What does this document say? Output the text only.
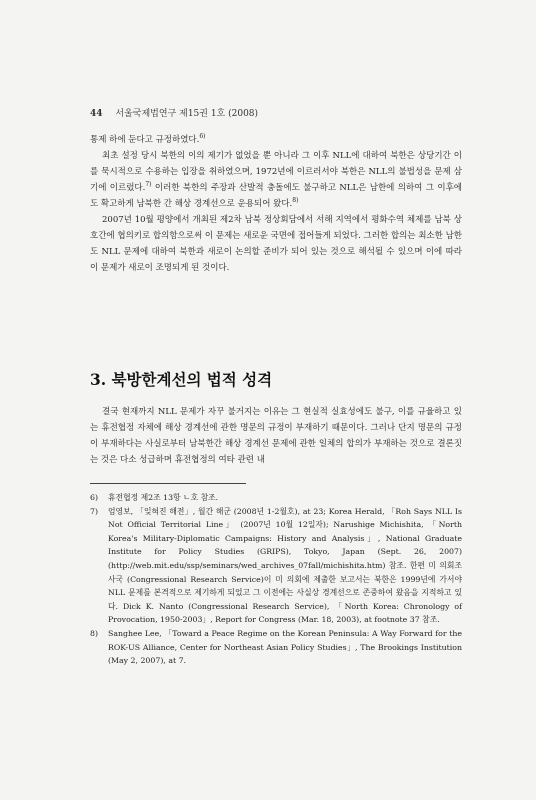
44 서울국제법연구 제15권 1호 (2008)

통제 하에 둔다고 규정하였다.$^{6)}$

최초 설정 당시 북한의 이의 제기가 없었을 뿐 아니라 그 이후 NLL에 대하여 북한은 상당기간 이를 묵시적으로 수용하는 입장을 취하였으며, 1972년에 이르러서야 북한은 NLL의 불법성을 문제 삼기에 이르렀다.$^{7)}$ 이러한 북한의 주장과 산발적 충돌에도 불구하고 NLL은 남한에 의하여 그 이후에도 확고하게 남북한 간 해상 경계선으로 운용되어 왔다.$^{8)}$

2007년 10월 평양에서 개최된 제2차 남북 정상회담에서 서해 지역에서 평화수역 체제를 남북 상호간에 협의키로 합의함으로써 이 문제는 새로운 국면에 접어들게 되었다. 그러한 합의는 최소한 남한도 NLL 문제에 대하여 북한과 새로이 논의할 준비가 되어 있는 것으로 해석될 수 있으며 이에 따라 이 문제가 새로이 조명되게 된 것이다.

3. 북방한계선의 법적 성격

결국 현재까지 NLL 문제가 자꾸 불거지는 이유는 그 현실적 실효성에도 불구, 이를 규율하고 있는 휴전협정 자체에 해상 경계선에 관한 명문의 규정이 부재하기 때문이다. 그러나 단지 명문의 규정이 부재하다는 사실로부터 남북한간 해상 경계선 문제에 관한 일체의 합의가 부재하는 것으로 결론짓는 것은 다소 성급하며 휴전협정의 여타 관련 내

6)	휴전협정 제2조 13항 ㄴ호 참조.
7)	엄영보, 「잊혀진 해전」, 월간 해군 (2008년 1-2월호), at 23; Korea Herald, 「Roh Says NLL Is Not Official Territorial Line」 (2007년 10월 12일자); Narushige Michishita, 「North Korea's Military-Diplomatic Campaigns: History and Analysis」, National Graduate Institute for Policy Studies (GRIPS), Tokyo, Japan (Sept. 26, 2007) (http://web.mit.edu/ssp/seminars/wed_archives_07fall/michishita.htm) 참조. 한편 미 의회조사국 (Congressional Research Service)이 미 의회에 제출한 보고서는 북한은 1999년에 가서야 NLL 문제를 본격적으로 제기하게 되었고 그 이전에는 사실상 경계선으로 존중하여 왔음을 지적하고 있다. Dick K. Nanto (Congressional Research Service), 「North Korea: Chronology of Provocation, 1950-2003」, Report for Congress (Mar. 18, 2003), at footnote 37 참조.
8)	Sanghee Lee, 「Toward a Peace Regime on the Korean Peninsula: A Way Forward for the ROK-US Alliance, Center for Northeast Asian Policy Studies」, The Brookings Institution (May 2, 2007), at 7.
